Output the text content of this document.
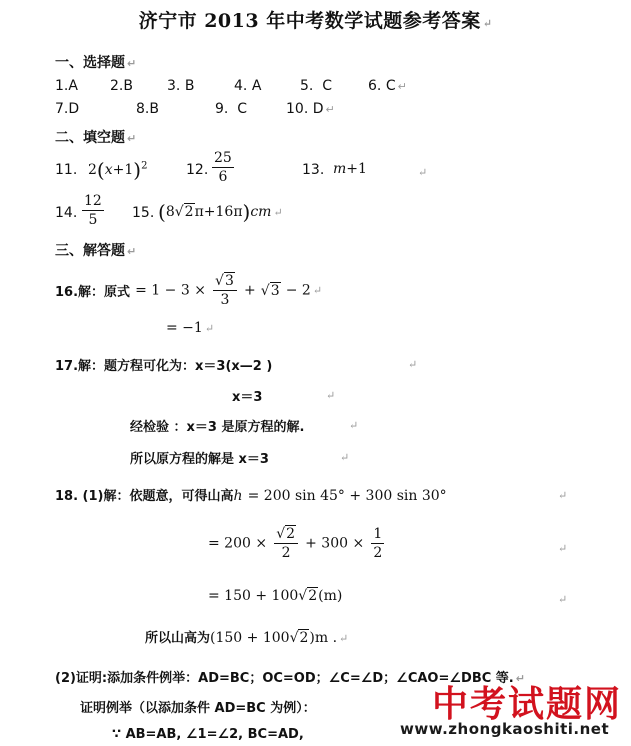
济宁市 2013 年中考数学试题参考答案 ↵
一、选择题 ↵
1.A 2.B 3. B	4. A	5. C	6. C ↵
7.D	8.B	9. C	10. D ↵
二、填空题 ↵
11. $2(x+1)^2$	12. $\frac{25}{6}$	13. m+1	↵
14. $\frac{12}{5} 15$. (8√2π+16π)cm ↵
三、解答题 ↵
16.解：原式 = $1 - 3 \times \frac{√3}{3} + √3 - 2$ ↵
= −1 ↵
17.解：题方程可化为：x＝3(x—2 )	↵
x＝3	↵
经检验 ：x＝3 是原方程的解.	↵
所以原方程的解是 x＝3	↵
18. (1)解：依题意，可得山高h = 200 sin 45° + 300 sin 30°	↵
= $200 \times \frac{√2}{2} + 300 \times \frac{1}{2}$	↵
= 150 + 100√2(m)	↵
所以山高为(150 + 100√2)m . ↵
(2)证明:添加条件例举：AD=BC；OC=OD；∠C=∠D；∠CAO=∠DBC 等. ↵
证明例举（以添加条件 AD=BC 为例）：
∵ AB=AB, ∠1=∠2, BC=AD,
中考试题网
www.zhongkaoshiti.net
